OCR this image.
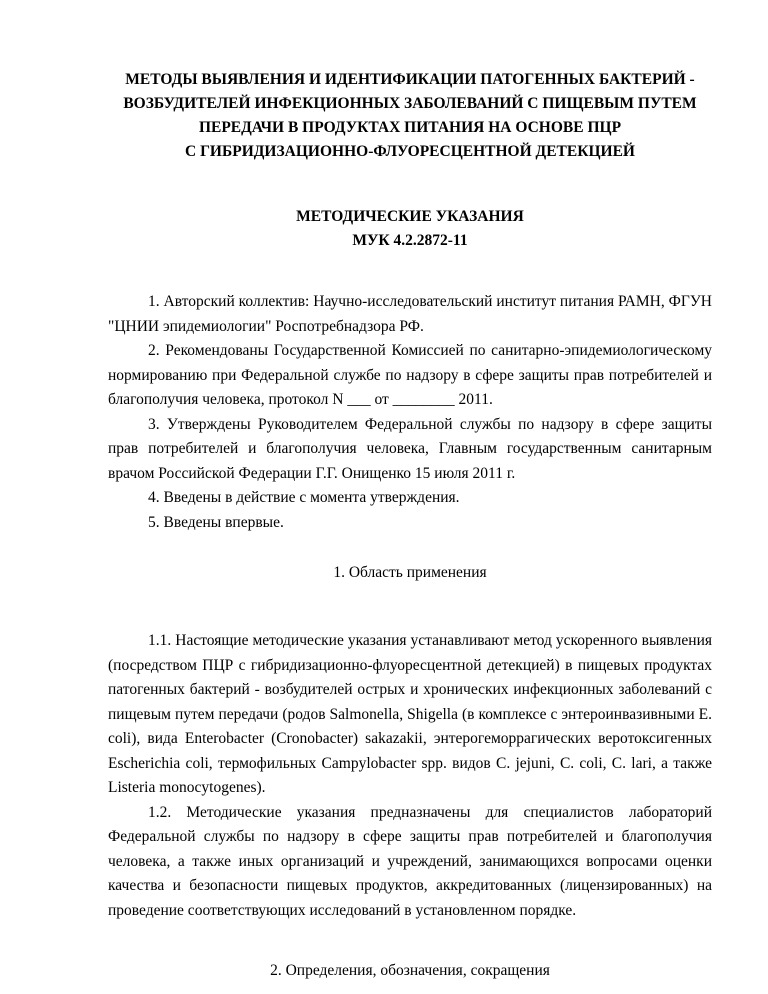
МЕТОДЫ ВЫЯВЛЕНИЯ И ИДЕНТИФИКАЦИИ ПАТОГЕННЫХ БАКТЕРИЙ -
ВОЗБУДИТЕЛЕЙ ИНФЕКЦИОННЫХ ЗАБОЛЕВАНИЙ С ПИЩЕВЫМ ПУТЕМ
ПЕРЕДАЧИ В ПРОДУКТАХ ПИТАНИЯ НА ОСНОВЕ ПЦР
С ГИБРИДИЗАЦИОННО-ФЛУОРЕСЦЕНТНОЙ ДЕТЕКЦИЕЙ
МЕТОДИЧЕСКИЕ УКАЗАНИЯ
МУК 4.2.2872-11

1. Авторский коллектив: Научно-исследовательский институт питания РАМН, ФГУН "ЦНИИ эпидемиологии" Роспотребнадзора РФ.

2. Рекомендованы Государственной Комиссией по санитарно-эпидемиологическому нормированию при Федеральной службе по надзору в сфере защиты прав потребителей и благополучия человека, протокол N ___ от ________ 2011.

3. Утверждены Руководителем Федеральной службы по надзору в сфере защиты прав потребителей и благополучия человека, Главным государственным санитарным врачом Российской Федерации Г.Г. Онищенко 15 июля 2011 г.

4. Введены в действие с момента утверждения.

5. Введены впервые.

1. Область применения

1.1. Настоящие методические указания устанавливают метод ускоренного выявления (посредством ПЦР с гибридизационно-флуоресцентной детекцией) в пищевых продуктах патогенных бактерий - возбудителей острых и хронических инфекционных заболеваний с пищевым путем передачи (родов Salmonella, Shigella (в комплексе с энтероинвазивными E. coli), вида Enterobacter (Cronobacter) sakazakii, энтерогеморрагических веротоксигенных Escherichia coli, термофильных Campylobacter spp. видов C. jejuni, C. coli, C. lari, а также Listeria monocytogenes).

1.2. Методические указания предназначены для специалистов лабораторий Федеральной службы по надзору в сфере защиты прав потребителей и благополучия человека, а также иных организаций и учреждений, занимающихся вопросами оценки качества и безопасности пищевых продуктов, аккредитованных (лицензированных) на проведение соответствующих исследований в установленном порядке.

2. Определения, обозначения, сокращения
